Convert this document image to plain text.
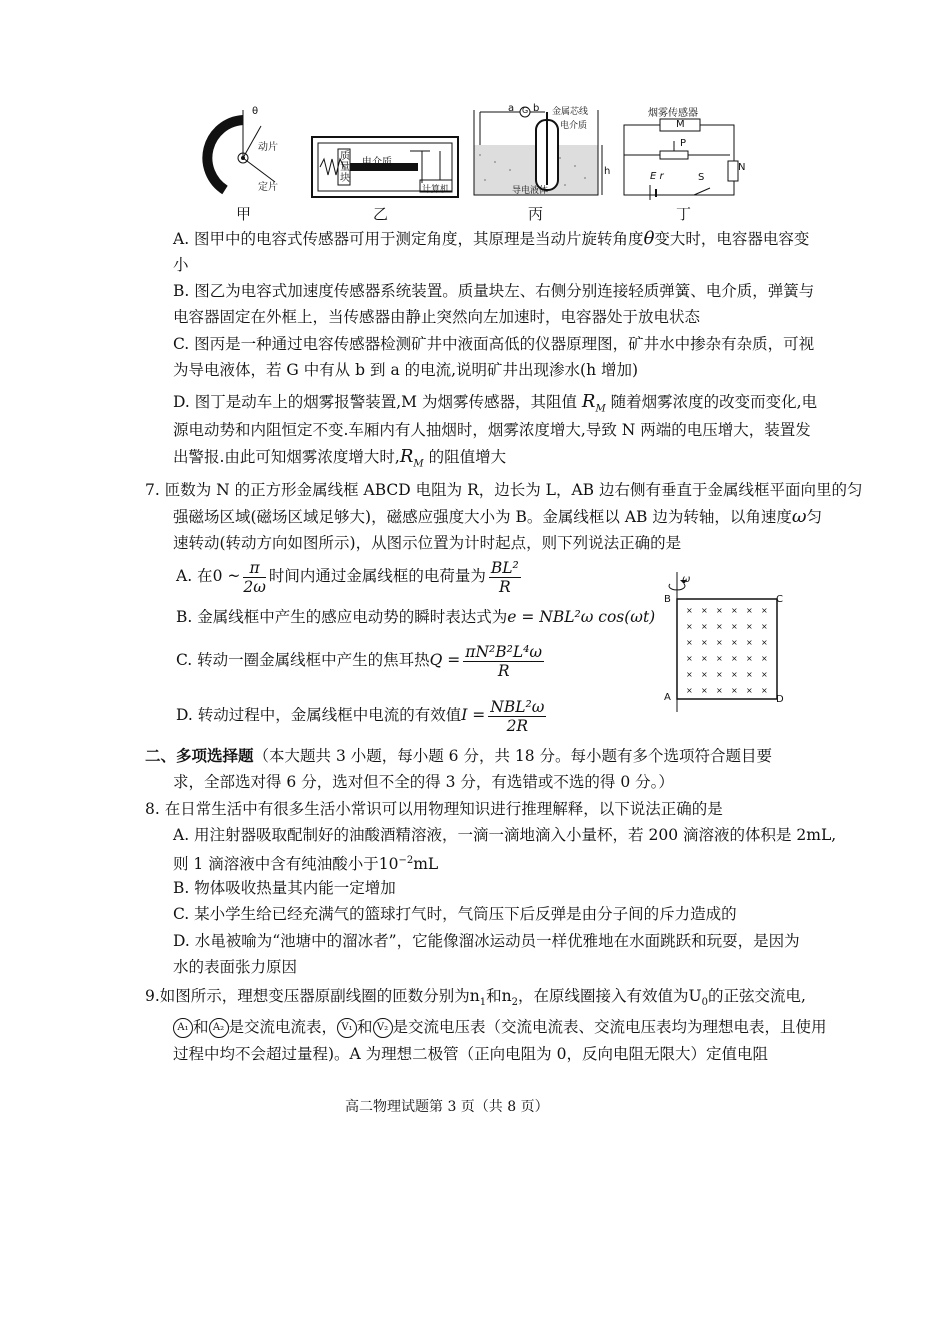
θ
动片
定片
甲
质
量
块
电介质
计算机
乙
a G b 金属芯线
电介质
导电液体
h
丙
烟雾传感器
M
P
N
E r	S
丁
A. 图甲中的电容式传感器可用于测定角度，其原理是当动片旋转角度θ变大时，电容器电容变
小
B. 图乙为电容式加速度传感器系统装置。质量块左、右侧分别连接轻质弹簧、电介质，弹簧与
电容器固定在外框上，当传感器由静止突然向左加速时，电容器处于放电状态
C. 图丙是一种通过电容传感器检测矿井中液面高低的仪器原理图，矿井水中掺杂有杂质，可视
为导电液体，若 G 中有从 b 到 a 的电流,说明矿井出现渗水(h 增加)
D. 图丁是动车上的烟雾报警装置,M 为烟雾传感器，其阻值 $R_M$ 随着烟雾浓度的改变而变化,电
源电动势和内阻恒定不变.车厢内有人抽烟时，烟雾浓度增大,导致 N 两端的电压增大，装置发
出警报.由此可知烟雾浓度增大时$,R_M$ 的阻值增大
7. 匝数为 N 的正方形金属线框 ABCD 电阻为 R，边长为 L，AB 边右侧有垂直于金属线框平面向里的匀
强磁场区域(磁场区域足够大)，磁感应强度大小为 B。金属线框以 AB 边为转轴，以角速度ω匀
速转动(转动方向如图所示)，从图示位置为计时起点，则下列说法正确的是
A. 在0 ~ $\frac{\pi}{2\omega}$ 时间内通过金属线框的电荷量为 $\frac{\text{BL²}}{R}$
B. 金属线框中产生的感应电动势的瞬时表达式为e = NBL²ω cos(ωt)
C. 转动一圈金属线框中产生的焦耳热$Q = \frac{\text{πN²B²L⁴ω}}{R}$
D. 转动过程中，金属线框中电流的有效值$I = \frac{\text{NBL²ω}}{2R}$
× × × × × ×
× × × × × ×
× × × × × ×
× × × × × ×
× × × × × ×
× × × × × ×
ω
B	C
A	D
二、多项选择题（本大题共 3 小题，每小题 6 分，共 18 分。每小题有多个选项符合题目要
求，全部选对得 6 分，选对但不全的得 3 分，有选错或不选的得 0 分。）
8. 在日常生活中有很多生活小常识可以用物理知识进行推理解释，以下说法正确的是
A. 用注射器吸取配制好的油酸酒精溶液，一滴一滴地滴入小量杯，若 200 滴溶液的体积是 2mL,
则 1 滴溶液中含有纯油酸小于$10^{-2}mL$
B. 物体吸收热量其内能一定增加
C. 某小学生给已经充满气的篮球打气时，气筒压下后反弹是由分子间的斥力造成的
D. 水黾被喻为“池塘中的溜冰者”，它能像溜冰运动员一样优雅地在水面跳跃和玩耍，是因为
水的表面张力原因
9.如图所示，理想变压器原副线圈的匝数分别为$n_1$和$n_2$，在原线圈接入有效值为$U_0$的正弦交流电,
A₁ 和 A₂ 是交流电流表， V₁ 和 V₂ 是交流电压表（交流电流表、交流电压表均为理想电表，且使用
过程中均不会超过量程)。A 为理想二极管（正向电阻为 0，反向电阻无限大）定值电阻
高二物理试题第 3 页（共 8 页）
